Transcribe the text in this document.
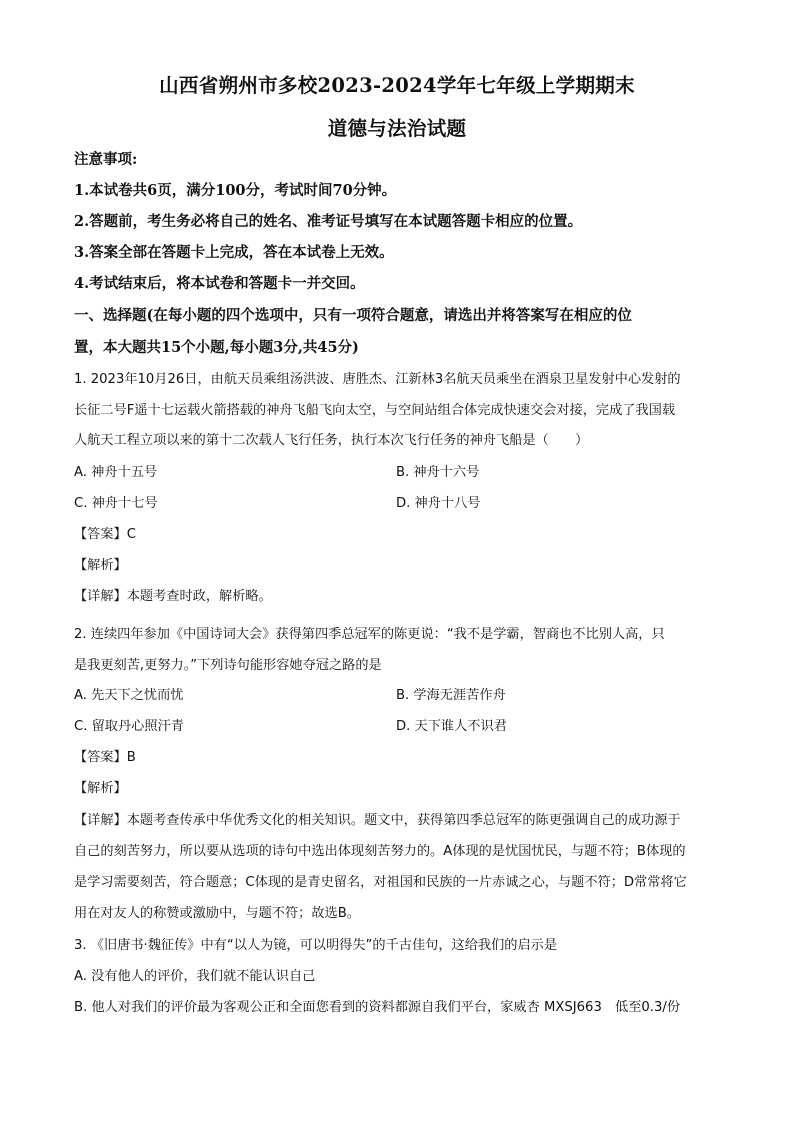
山西省朔州市多校2023-2024学年七年级上学期期末
道德与法治试题
注意事项:
1.本试卷共6页，满分100分，考试时间70分钟。
2.答题前，考生务必将自己的姓名、准考证号填写在本试题答题卡相应的位置。
3.答案全部在答题卡上完成，答在本试卷上无效。
4.考试结束后，将本试卷和答题卡一并交回。
一、选择题(在每小题的四个选项中，只有一项符合题意，请选出并将答案写在相应的位
置，本大题共15个小题,每小题3分,共45分)
1. 2023年10月26日，由航天员乘组汤洪波、唐胜杰、江新林3名航天员乘坐在酒泉卫星发射中心发射的
长征二号F遥十七运载火箭搭载的神舟飞船飞向太空，与空间站组合体完成快速交会对接，完成了我国载
人航天工程立项以来的第十二次载人飞行任务，执行本次飞行任务的神舟飞船是（　　）
A. 神舟十五号	B. 神舟十六号
C. 神舟十七号	D. 神舟十八号
【答案】C
【解析】
【详解】本题考查时政，解析略。
2. 连续四年参加《中国诗词大会》获得第四季总冠军的陈更说：“我不是学霸，智商也不比别人高，只
是我更刻苦,更努力。”下列诗句能形容她夺冠之路的是
A. 先天下之忧而忧	B. 学海无涯苦作舟
C. 留取丹心照汗青	D. 天下谁人不识君
【答案】B
【解析】
【详解】本题考查传承中华优秀文化的相关知识。题文中，获得第四季总冠军的陈更强调自己的成功源于
自己的刻苦努力，所以要从选项的诗句中选出体现刻苦努力的。A体现的是忧国忧民，与题不符；B体现的
是学习需要刻苦，符合题意；C体现的是青史留名，对祖国和民族的一片赤诚之心，与题不符；D常常将它
用在对友人的称赞或激励中，与题不符；故选B。
3. 《旧唐书·魏征传》中有“以人为镜，可以明得失”的千古佳句，这给我们的启示是
A. 没有他人的评价，我们就不能认识自己
B. 他人对我们的评价最为客观公正和全面您看到的资料都源自我们平台，家威杏 MXSJ663　低至0.3/份
